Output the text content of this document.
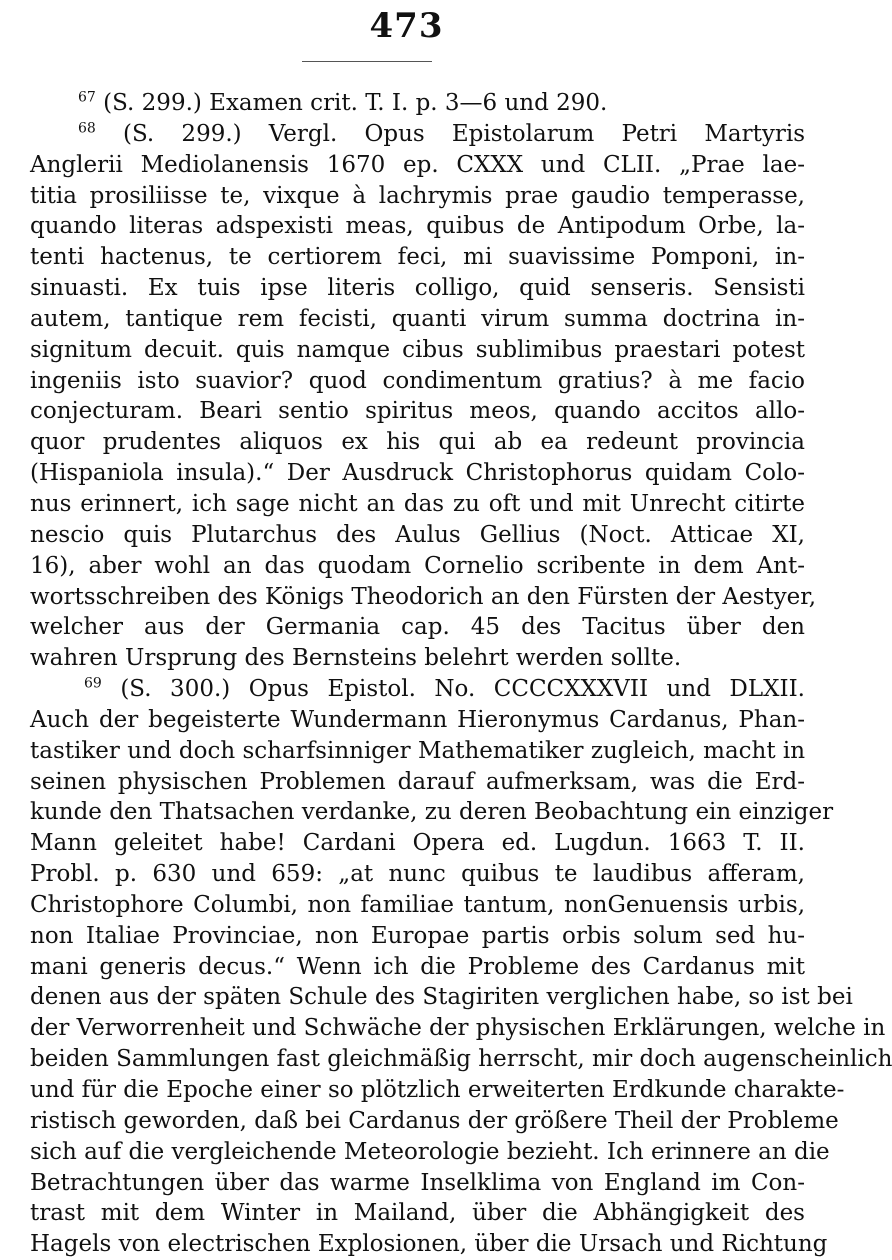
473
$^{67}$ (S. 299.) Examen crit. T. I. p. 3—6 und 290.
$^{68}$ (S. 299.) Vergl. Opus Epistolarum Petri Martyris
Anglerii Mediolanensis 1670 ep. CXXX und CLII. „Prae lae-
titia prosiliisse te, vixque à lachrymis prae gaudio temperasse,
quando literas adspexisti meas, quibus de Antipodum Orbe, la-
tenti hactenus, te certiorem feci, mi suavissime Pomponi, in-
sinuasti. Ex tuis ipse literis colligo, quid senseris. Sensisti
autem, tantique rem fecisti, quanti virum summa doctrina in-
signitum decuit. quis namque cibus sublimibus praestari potest
ingeniis isto suavior? quod condimentum gratius? à me facio
conjecturam. Beari sentio spiritus meos, quando accitos allo-
quor prudentes aliquos ex his qui ab ea redeunt provincia
(Hispaniola insula).“ Der Ausdruck Christophorus quidam Colo-
nus erinnert, ich sage nicht an das zu oft und mit Unrecht citirte
nescio quis Plutarchus des Aulus Gellius (Noct. Atticae XI,
16), aber wohl an das quodam Cornelio scribente in dem Ant-
wortsschreiben des Königs Theodorich an den Fürsten der Aestyer,
welcher aus der Germania cap. 45 des Tacitus über den
wahren Ursprung des Bernsteins belehrt werden sollte.
$^{69}$ (S. 300.) Opus Epistol. No. CCCCXXXVII und DLXII.
Auch der begeisterte Wundermann Hieronymus Cardanus, Phan-
tastiker und doch scharfsinniger Mathematiker zugleich, macht in
seinen physischen Problemen darauf aufmerksam, was die Erd-
kunde den Thatsachen verdanke, zu deren Beobachtung ein einziger
Mann geleitet habe! Cardani Opera ed. Lugdun. 1663 T. II.
Probl. p. 630 und 659: „at nunc quibus te laudibus afferam,
Christophore Columbi, non familiae tantum, nonGenuensis urbis,
non Italiae Provinciae, non Europae partis orbis solum sed hu-
mani generis decus.“ Wenn ich die Probleme des Cardanus mit
denen aus der späten Schule des Stagiriten verglichen habe, so ist bei
der Verworrenheit und Schwäche der physischen Erklärungen, welche in
beiden Sammlungen fast gleichmäßig herrscht, mir doch augenscheinlich
und für die Epoche einer so plötzlich erweiterten Erdkunde charakte-
ristisch geworden, daß bei Cardanus der größere Theil der Probleme
sich auf die vergleichende Meteorologie bezieht. Ich erinnere an die
Betrachtungen über das warme Inselklima von England im Con-
trast mit dem Winter in Mailand, über die Abhängigkeit des
Hagels von electrischen Explosionen, über die Ursach und Richtung
